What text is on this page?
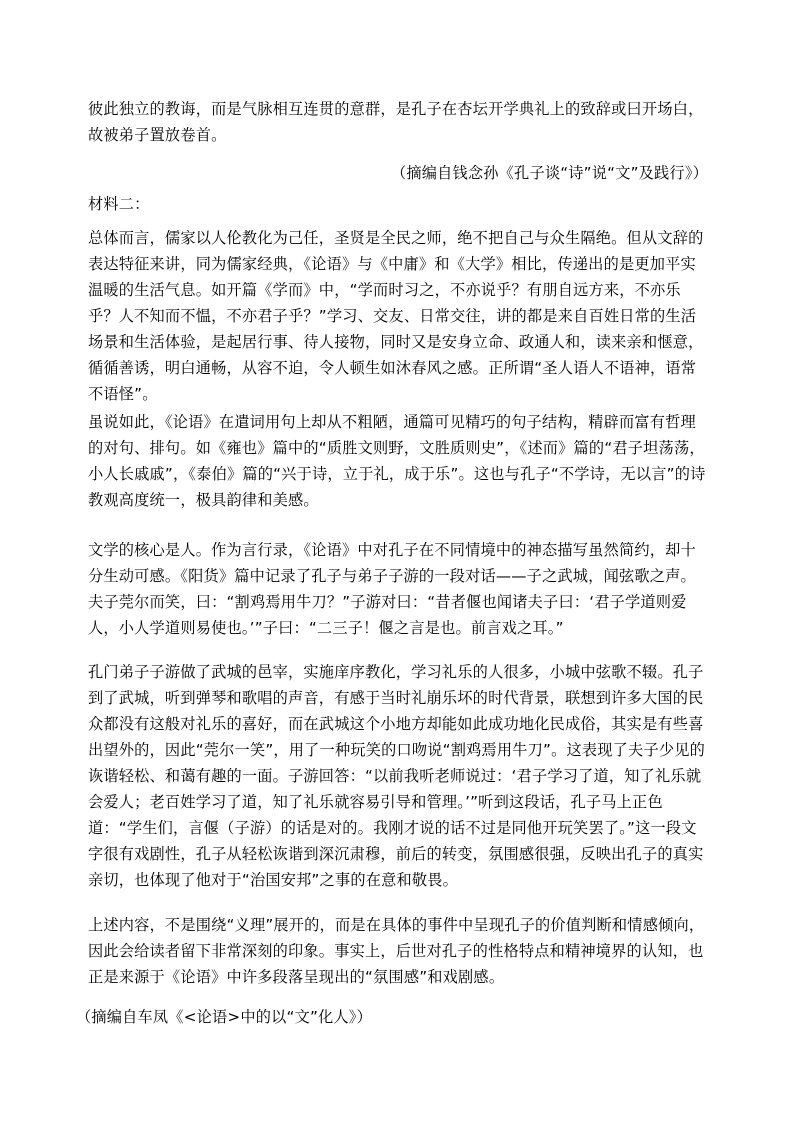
彼此独立的教诲，而是气脉相互连贯的意群，是孔子在杏坛开学典礼上的致辞或曰开场白，故被弟子置放卷首。
（摘编自钱念孙《孔子谈“诗”说“文”及践行》）
材料二：
总体而言，儒家以人伦教化为己任，圣贤是全民之师，绝不把自己与众生隔绝。但从文辞的表达特征来讲，同为儒家经典，《论语》与《中庸》和《大学》相比，传递出的是更加平实温暖的生活气息。如开篇《学而》中，“学而时习之，不亦说乎？有朋自远方来，不亦乐乎？人不知而不愠，不亦君子乎？”学习、交友、日常交往，讲的都是来自百姓日常的生活场景和生活体验，是起居行事、待人接物，同时又是安身立命、政通人和，读来亲和惬意，循循善诱，明白通畅，从容不迫，令人顿生如沐春风之感。正所谓“圣人语人不语神，语常不语怪”。
虽说如此，《论语》在遣词用句上却从不粗陋，通篇可见精巧的句子结构，精辟而富有哲理的对句、排句。如《雍也》篇中的“质胜文则野，文胜质则史”，《述而》篇的“君子坦荡荡，小人长戚戚”，《泰伯》篇的“兴于诗，立于礼，成于乐”。这也与孔子“不学诗，无以言”的诗教观高度统一，极具韵律和美感。
文学的核心是人。作为言行录，《论语》中对孔子在不同情境中的神态描写虽然简约，却十分生动可感。《阳货》篇中记录了孔子与弟子子游的一段对话——子之武城，闻弦歌之声。夫子莞尔而笑，曰：“割鸡焉用牛刀？”子游对曰：“昔者偃也闻诸夫子曰：‘君子学道则爱人，小人学道则易使也。’”子曰：“二三子！偃之言是也。前言戏之耳。”
孔门弟子子游做了武城的邑宰，实施庠序教化，学习礼乐的人很多，小城中弦歌不辍。孔子到了武城，听到弹琴和歌唱的声音，有感于当时礼崩乐坏的时代背景，联想到许多大国的民众都没有这般对礼乐的喜好，而在武城这个小地方却能如此成功地化民成俗，其实是有些喜出望外的，因此“莞尔一笑”，用了一种玩笑的口吻说“割鸡焉用牛刀”。这表现了夫子少见的诙谐轻松、和蔼有趣的一面。子游回答：“以前我听老师说过：‘君子学习了道，知了礼乐就会爱人；老百姓学习了道，知了礼乐就容易引导和管理。’”听到这段话，孔子马上正色道：“学生们，言偃（子游）的话是对的。我刚才说的话不过是同他开玩笑罢了。”这一段文字很有戏剧性，孔子从轻松诙谐到深沉肃穆，前后的转变，氛围感很强，反映出孔子的真实亲切，也体现了他对于“治国安邦”之事的在意和敬畏。
上述内容，不是围绕“义理”展开的，而是在具体的事件中呈现孔子的价值判断和情感倾向，因此会给读者留下非常深刻的印象。事实上，后世对孔子的性格特点和精神境界的认知，也正是来源于《论语》中许多段落呈现出的“氛围感”和戏剧感。
（摘编自车凤《<论语>中的以“文”化人》）
